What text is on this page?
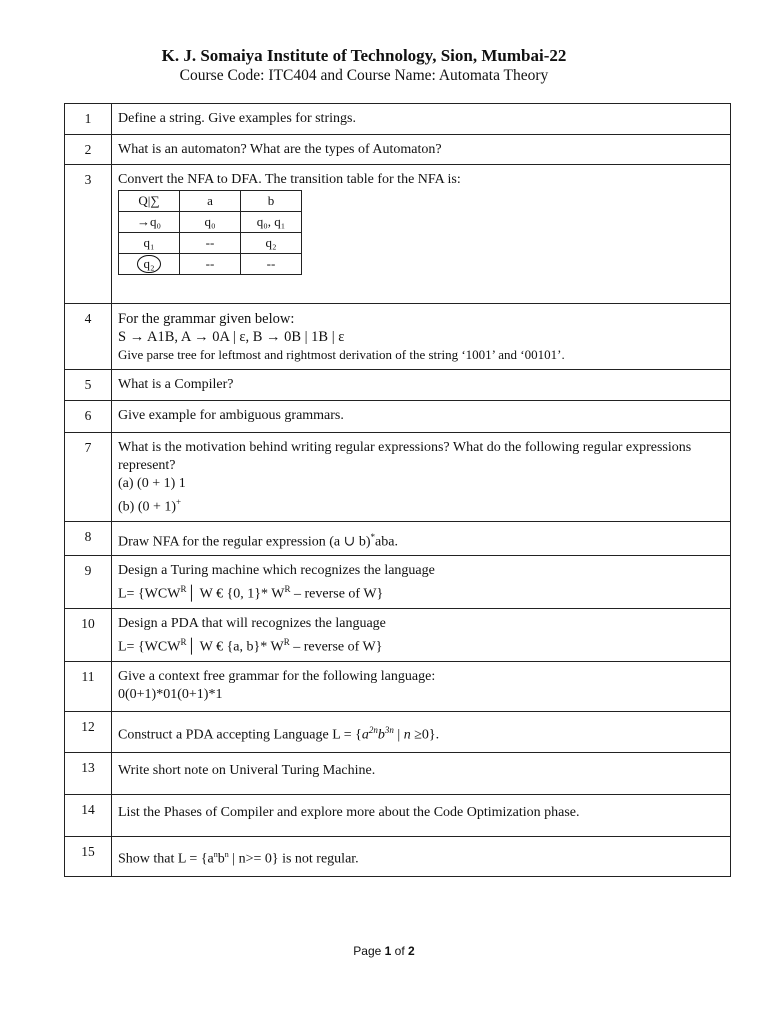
K. J. Somaiya Institute of Technology, Sion, Mumbai-22
Course Code: ITC404 and Course Name: Automata Theory
1	Define a string. Give examples for strings.
2	What is an automaton? What are the types of Automaton?
3	Convert the NFA to DFA. The transition table for the NFA is:
Q|∑	a	b
→q₀	q₀	q₀, q₁
q₁	--	q₂
q₂	--	--

4	For the grammar given below:
S → A1B, A → 0A | ε, B → 0B | 1B | ε
Give parse tree for leftmost and rightmost derivation of the string ‘1001’ and ‘00101’.

5	What is a Compiler?
6	Give example for ambiguous grammars.
7	What is the motivation behind writing regular expressions? What do the following regular expressions represent?
(a) (0 + 1) 1
(b) (0 + 1)+

8	Draw NFA for the regular expression (a ∪ b)*aba.
9	Design a Turing machine which recognizes the language
$L= \{WCW^R│$ W € {0, 1}* $W^R$ – reverse of W}

10	Design a PDA that will recognizes the language
$L= \{WCW^R│$ W € {a, b}* $W^R$ – reverse of W}

11	Give a context free grammar for the following language:
0(0+1)*01(0+1)*1

12	Construct a PDA accepting Language $L = \{a^{2n}b^{3n}$ | n ≥0}.
13	Write short note on Univeral Turing Machine.
14	List the Phases of Compiler and explore more about the Code Optimization phase.
15	Show that $L = \{a^nb^n$ | n>= 0} is not regular.
Page 1 of 2
